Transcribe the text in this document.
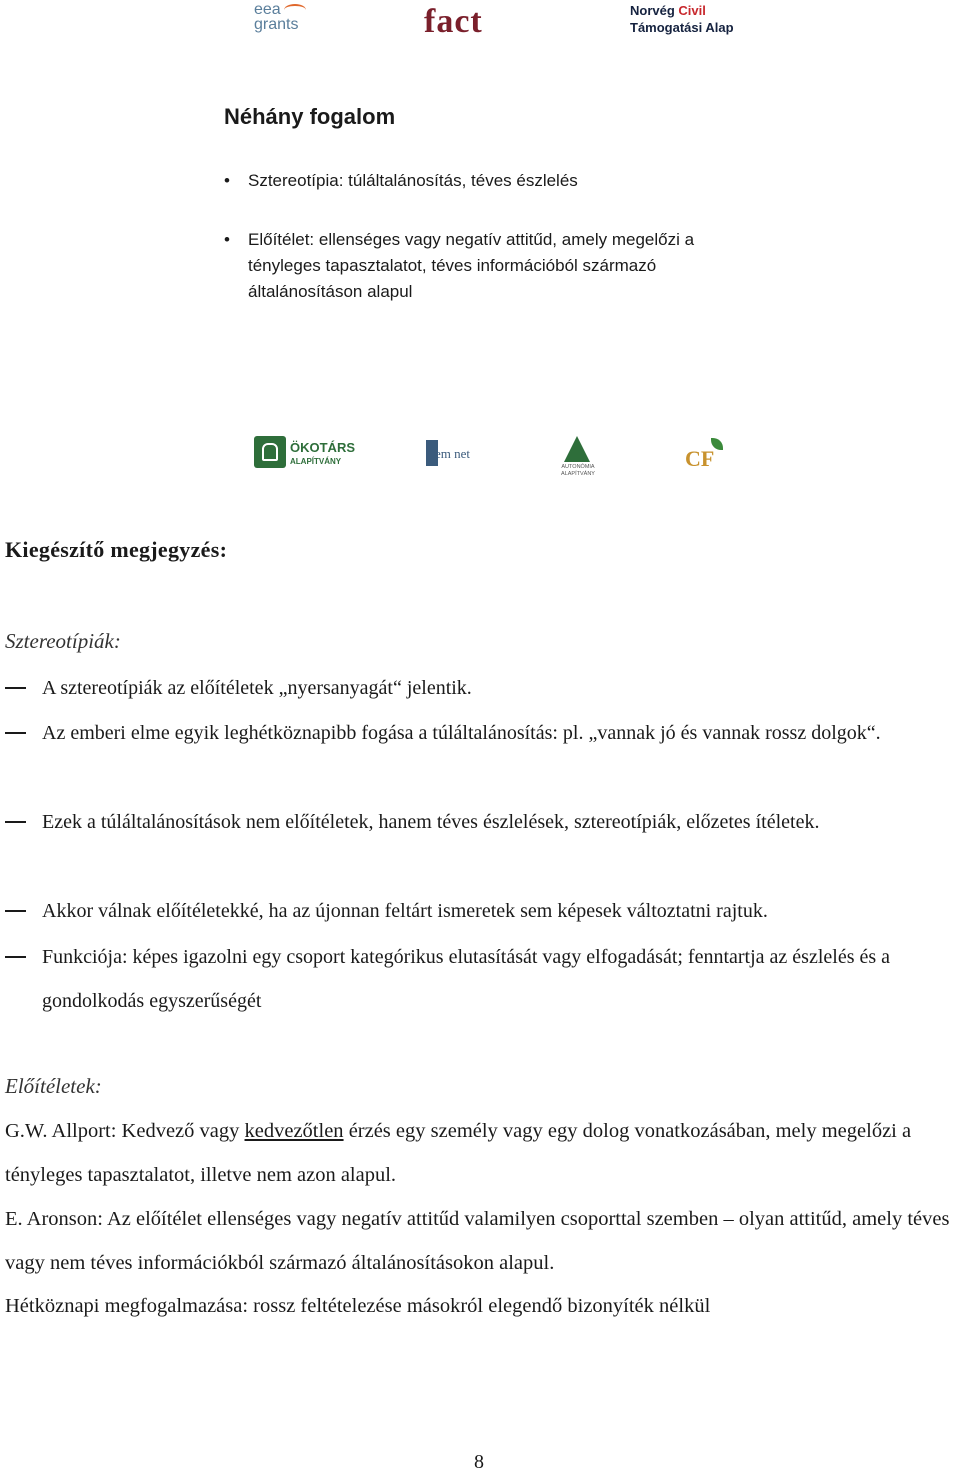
eea
grants	fact	Norvég Civil
Támogatási Alap
Néhány fogalom
• Sztereotípia: túláltalánosítás, téves észlelés
• Előítélet: ellenséges vagy negatív attitűd, amely megelőzi a tényleges tapasztalatot, téves információból származó általánosításon alapul
ÖKOTÁRS
ALAPÍTVÁNY
em net
AUTONÓMIA
ALAPÍTVÁNY
CF
Kiegészítő megjegyzés:
Sztereotípiák:
A sztereotípiák az előítéletek „nyersanyagát“ jelentik.
Az emberi elme egyik leghétköznapibb fogása a túláltalánosítás: pl. „vannak jó és vannak rossz dolgok“.
Ezek a túláltalánosítások nem előítéletek, hanem téves észlelések, sztereotípiák, előzetes ítéletek.
Akkor válnak előítéletekké, ha az újonnan feltárt ismeretek sem képesek változtatni rajtuk.
Funkciója: képes igazolni egy csoport kategórikus elutasítását vagy elfogadását; fenntartja az észlelés és a gondolkodás egyszerűségét
Előítéletek:
G.W. Allport: Kedvező vagy kedvezőtlen érzés egy személy vagy egy dolog vonatkozásában, mely megelőzi a tényleges tapasztalatot, illetve nem azon alapul.
E. Aronson: Az előítélet ellenséges vagy negatív attitűd valamilyen csoporttal szemben – olyan attitűd, amely téves vagy nem téves információkból származó általánosításokon alapul.
Hétköznapi megfogalmazása: rossz feltételezése másokról elegendő bizonyíték nélkül
8
